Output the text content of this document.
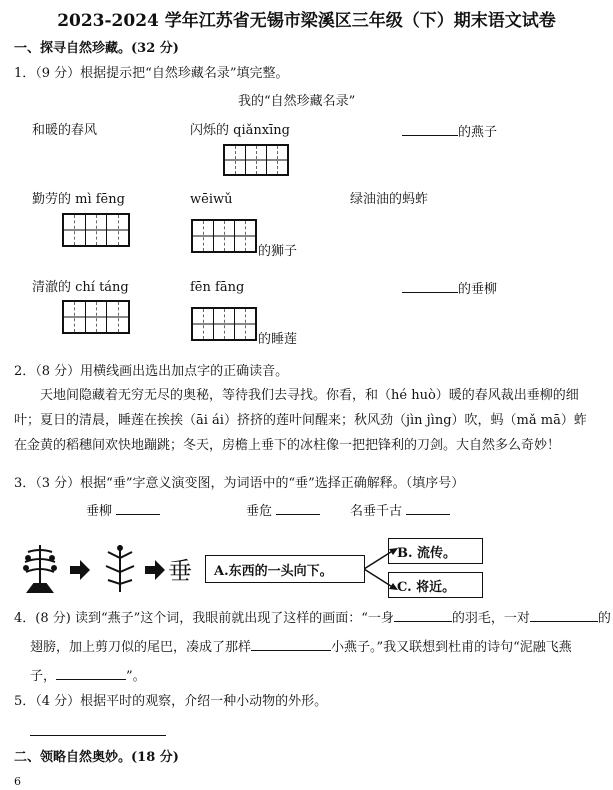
2023-2024 学年江苏省无锡市梁溪区三年级（下）期末语文试卷
一、探寻自然珍藏。(32 分)
1．（9 分）根据提示把“自然珍藏名录”填完整。
我的“自然珍藏名录”
和暖的春风	闪烁的 qiǎnxīng	的燕子
勤劳的 mì fēng	wēiwǔ	绿油油的蚂蚱
的狮子
清澈的 chí táng	fēn fāng	的垂柳
的睡莲
2．（8 分）用横线画出选出加点字的正确读音。
天地间隐藏着无穷无尽的奥秘，等待我们去寻找。你看，和（hé huò）暖的春风裁出垂柳的细叶；夏日的清晨，睡莲在挨挨（āi ái）挤挤的莲叶间醒来；秋风劲（jìn jìng）吹，蚂（mǎ mā）蚱在金黄的稻穗间欢快地蹦跳；冬天，房檐上垂下的冰柱像一把把锋利的刀剑。大自然多么奇妙！
3．（3 分）根据“垂”字意义演变图，为词语中的“垂”选择正确解释。（填序号）
垂柳	垂危	名垂千古
垂	A.东西的一头向下。
B. 流传。
C. 将近。
4．(8 分) 读到“燕子”这个词，我眼前就出现了这样的画面：“一身	的羽毛，一对	的
翅膀，加上剪刀似的尾巴，凑成了那样	小燕子。”我又联想到杜甫的诗句“泥融飞燕
子，	”。
5．（4 分）根据平时的观察，介绍一种小动物的外形。
二、领略自然奥妙。(18 分)
6
